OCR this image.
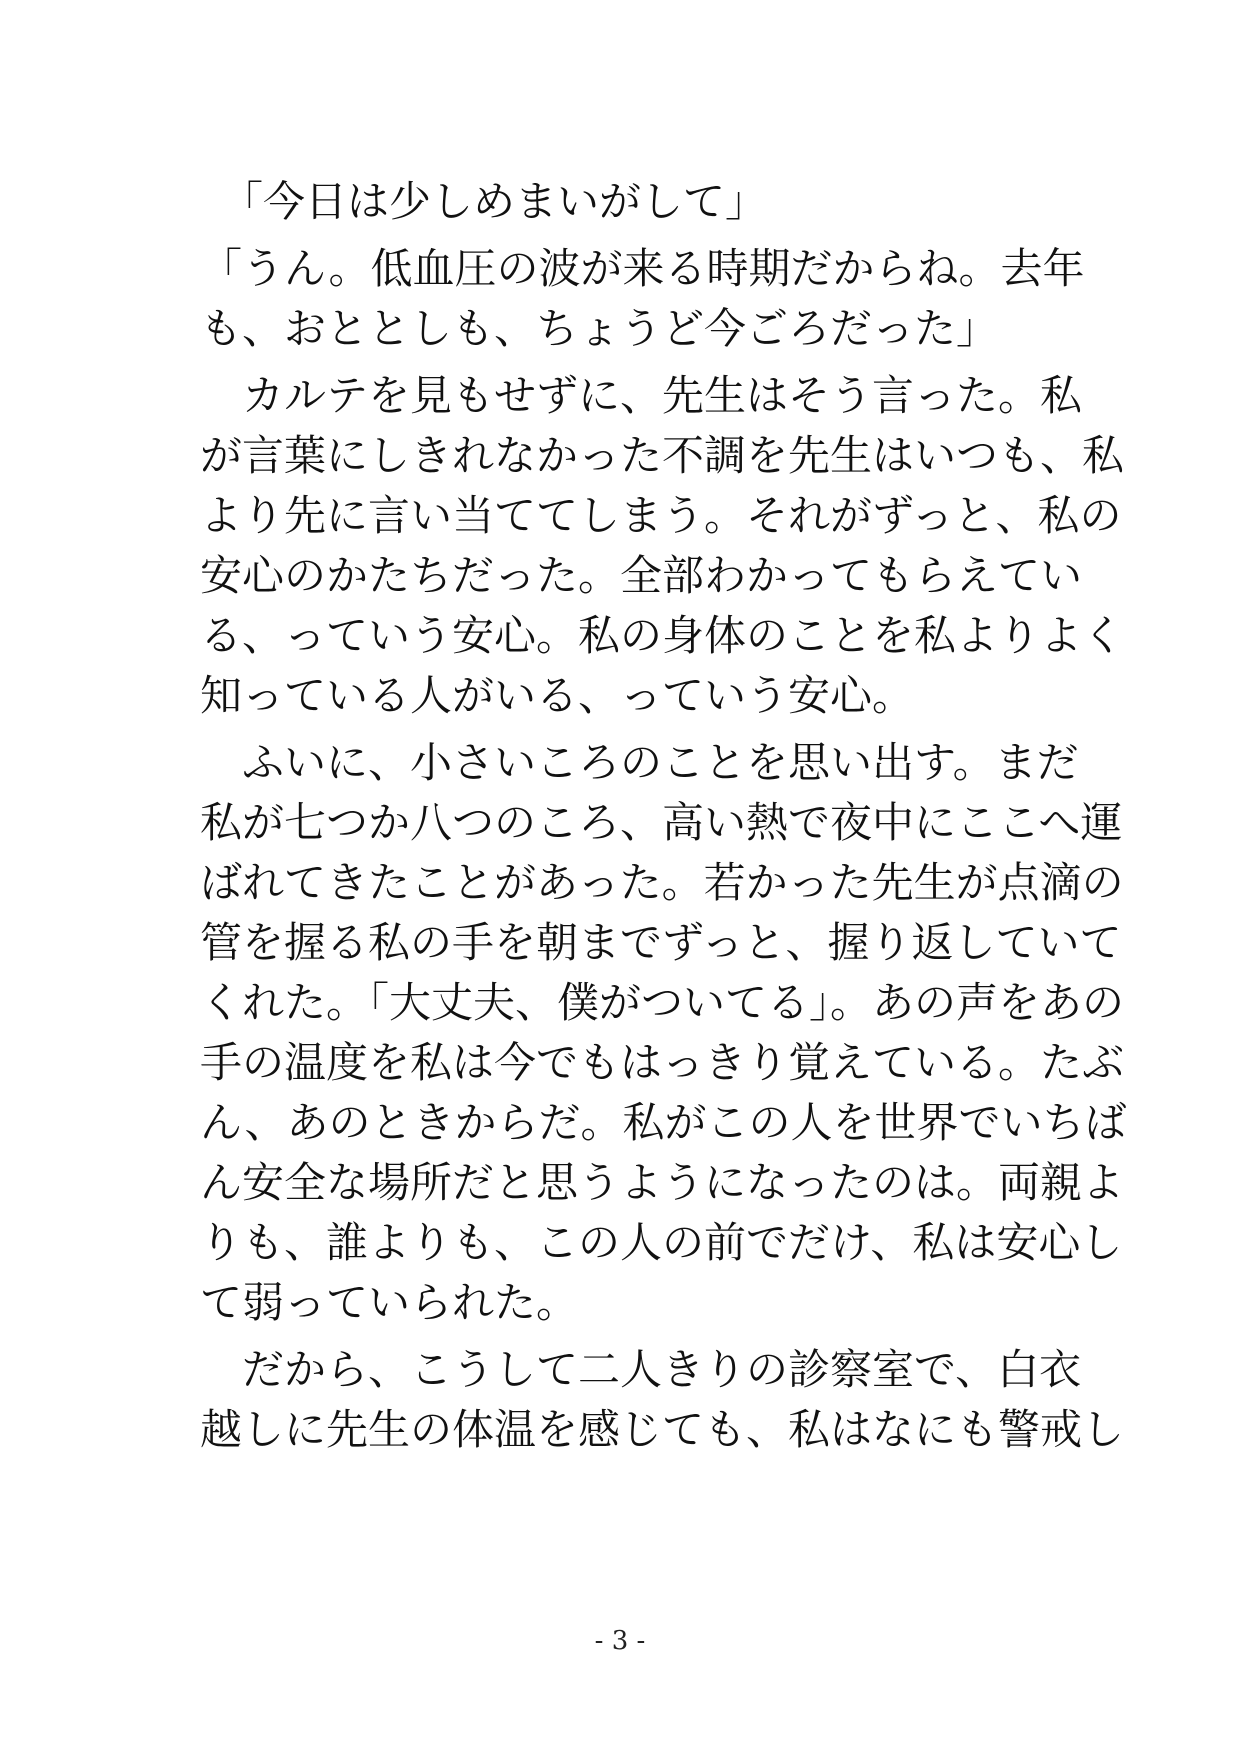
「今日は少しめまいがして」
「うん。低血圧の波が来る時期だからね。去年
も、おととしも、ちょうど今ごろだった」
カルテを見もせずに、先生はそう言った。私
が言葉にしきれなかった不調を先生はいつも、私
より先に言い当ててしまう。それがずっと、私の
安心のかたちだった。全部わかってもらえてい
る、っていう安心。私の身体のことを私よりよく
知っている人がいる、っていう安心。
ふいに、小さいころのことを思い出す。まだ
私が七つか八つのころ、高い熱で夜中にここへ運
ばれてきたことがあった。若かった先生が点滴の
管を握る私の手を朝までずっと、握り返していて
くれた。「大丈夫、僕がついてる」。あの声をあの
手の温度を私は今でもはっきり覚えている。たぶ
ん、あのときからだ。私がこの人を世界でいちば
ん安全な場所だと思うようになったのは。両親よ
りも、誰よりも、この人の前でだけ、私は安心し
て弱っていられた。
だから、こうして二人きりの診察室で、白衣
越しに先生の体温を感じても、私はなにも警戒し
- 3 -
